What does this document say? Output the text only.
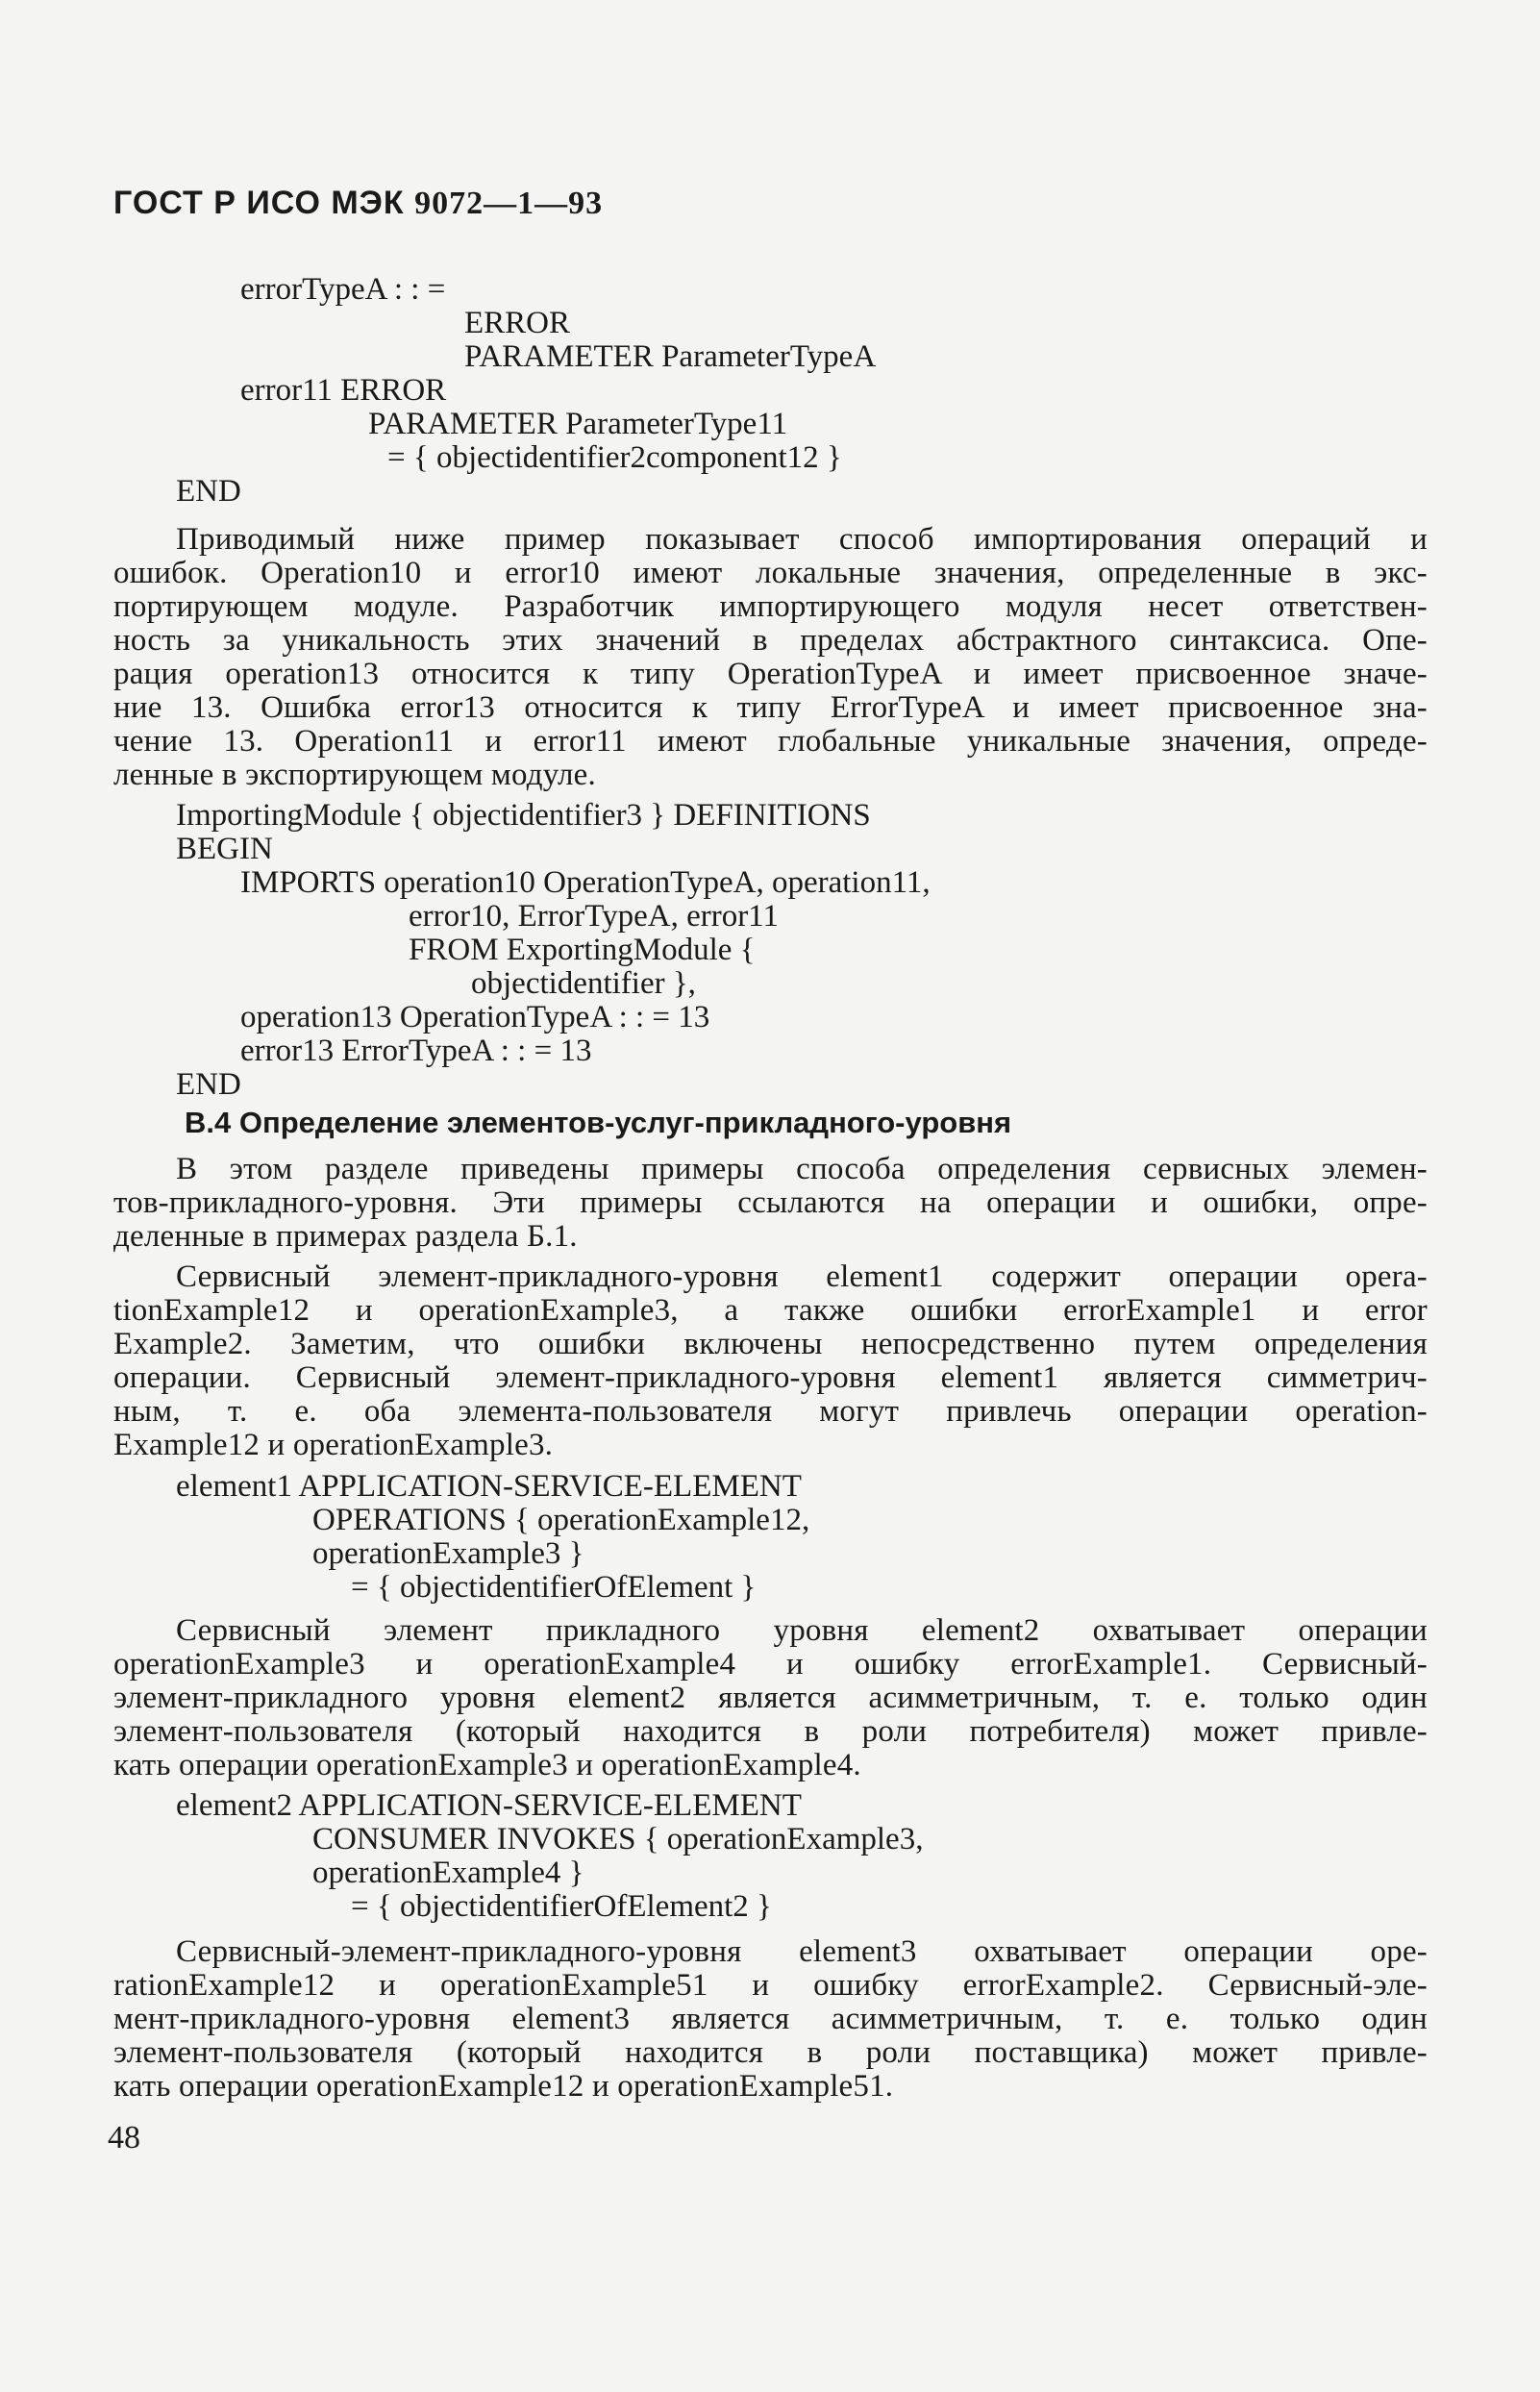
ГОСТ Р ИСО МЭК 9072—1—93
errorTypeA : : =
ERROR
PARAMETER ParameterTypeA
error11 ERROR
PARAMETER ParameterType11
= { objectidentifier2component12 }
END
Приводимый ниже пример показывает способ импортирования операций и
ошибок. Operation10 и error10 имеют локальные значения, определенные в экс-
портирующем модуле. Разработчик импортирующего модуля несет ответствен-
ность за уникальность этих значений в пределах абстрактного синтаксиса. Опе-
рация operation13 относится к типу OperationTypeA и имеет присвоенное значе-
ние 13. Ошибка error13 относится к типу ErrorTypeA и имеет присвоенное зна-
чение 13. Operation11 и error11 имеют глобальные уникальные значения, опреде-
ленные в экспортирующем модуле.
ImportingModule { objectidentifier3 } DEFINITIONS
BEGIN
IMPORTS operation10 OperationTypeA, operation11,
error10, ErrorTypeA, error11
FROM ExportingModule {
objectidentifier },
operation13 OperationTypeA : : = 13
error13 ErrorTypeA : : = 13
END
B.4 Определение элементов-услуг-прикладного-уровня
В этом разделе приведены примеры способа определения сервисных элемен-
тов-прикладного-уровня. Эти примеры ссылаются на операции и ошибки, опре-
деленные в примерах раздела Б.1.
Сервисный элемент-прикладного-уровня element1 содержит операции opera-
tionExample12 и operationExample3, а также ошибки errorExample1 и error
Example2. Заметим, что ошибки включены непосредственно путем определения
операции. Сервисный элемент-прикладного-уровня element1 является симметрич-
ным, т. е. оба элемента-пользователя могут привлечь операции operation-
Example12 и operationExample3.
element1 APPLICATION-SERVICE-ELEMENT
OPERATIONS { operationExample12,
operationExample3 }
= { objectidentifierOfElement }
Сервисный элемент прикладного уровня element2 охватывает операции
operationExample3 и operationExample4 и ошибку errorExample1. Сервисный-
элемент-прикладного уровня element2 является асимметричным, т. е. только один
элемент-пользователя (который находится в роли потребителя) может привле-
кать операции operationExample3 и operationExample4.
element2 APPLICATION-SERVICE-ELEMENT
CONSUMER INVOKES { operationExample3,
operationExample4 }
= { objectidentifierOfElement2 }
Сервисный-элемент-прикладного-уровня element3 охватывает операции ope-
rationExample12 и operationExample51 и ошибку errorExample2. Сервисный-эле-
мент-прикладного-уровня element3 является асимметричным, т. е. только один
элемент-пользователя (который находится в роли поставщика) может привле-
кать операции operationExample12 и operationExample51.
48
